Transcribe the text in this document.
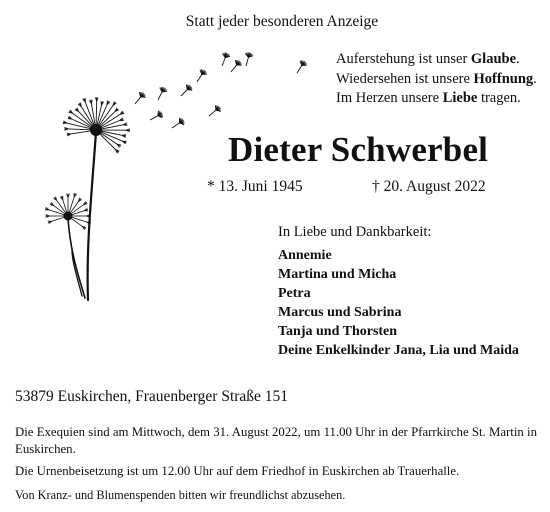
Statt jeder besonderen Anzeige
Auferstehung ist unser Glaube.
Wiedersehen ist unsere Hoffnung.
Im Herzen unsere Liebe tragen.
Dieter Schwerbel
* 13. Juni 1945	† 20. August 2022
In Liebe und Dankbarkeit:
Annemie
Martina und Micha
Petra
Marcus und Sabrina
Tanja und Thorsten
Deine Enkelkinder Jana, Lia und Maida
53879 Euskirchen, Frauenberger Straße 151
Die Exequien sind am Mittwoch, dem 31. August 2022, um 11.00 Uhr in der Pfarrkirche St. Martin in Euskirchen.
Die Urnenbeisetzung ist um 12.00 Uhr auf dem Friedhof in Euskirchen ab Trauerhalle.
Von Kranz- und Blumenspenden bitten wir freundlichst abzusehen.
